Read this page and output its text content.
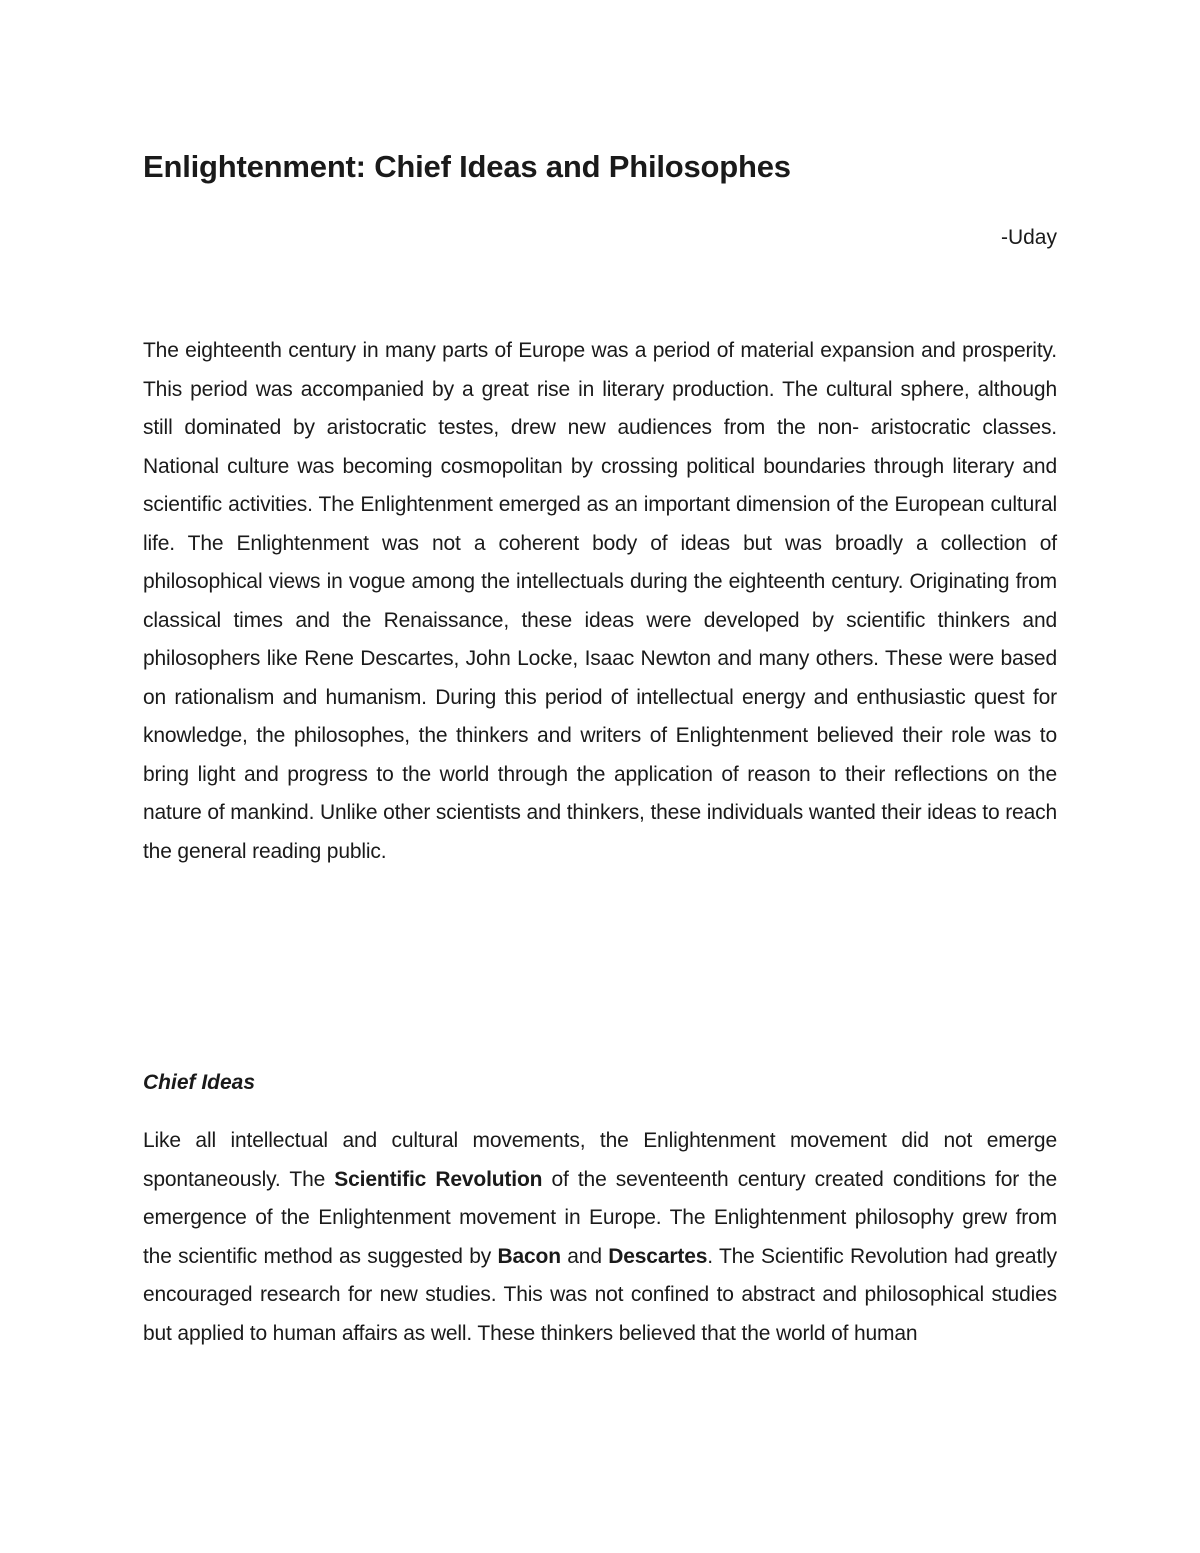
Enlightenment: Chief Ideas and Philosophes

-Uday

The eighteenth century in many parts of Europe was a period of material expansion and prosperity. This period was accompanied by a great rise in literary production. The cultural sphere, although still dominated by aristocratic testes, drew new audiences from the non- aristocratic classes. National culture was becoming cosmopolitan by crossing political boundaries through literary and scientific activities. The Enlightenment emerged as an important dimension of the European cultural life. The Enlightenment was not a coherent body of ideas but was broadly a collection of philosophical views in vogue among the intellectuals during the eighteenth century. Originating from classical times and the Renaissance, these ideas were developed by scientific thinkers and philosophers like Rene Descartes, John Locke, Isaac Newton and many others. These were based on rationalism and humanism. During this period of intellectual energy and enthusiastic quest for knowledge, the philosophes, the thinkers and writers of Enlightenment believed their role was to bring light and progress to the world through the application of reason to their reflections on the nature of mankind. Unlike other scientists and thinkers, these individuals wanted their ideas to reach the general reading public.

Chief Ideas

Like all intellectual and cultural movements, the Enlightenment movement did not emerge spontaneously. The Scientific Revolution of the seventeenth century created conditions for the emergence of the Enlightenment movement in Europe. The Enlightenment philosophy grew from the scientific method as suggested by Bacon and Descartes. The Scientific Revolution had greatly encouraged research for new studies. This was not confined to abstract and philosophical studies but applied to human affairs as well. These thinkers believed that the world of human
